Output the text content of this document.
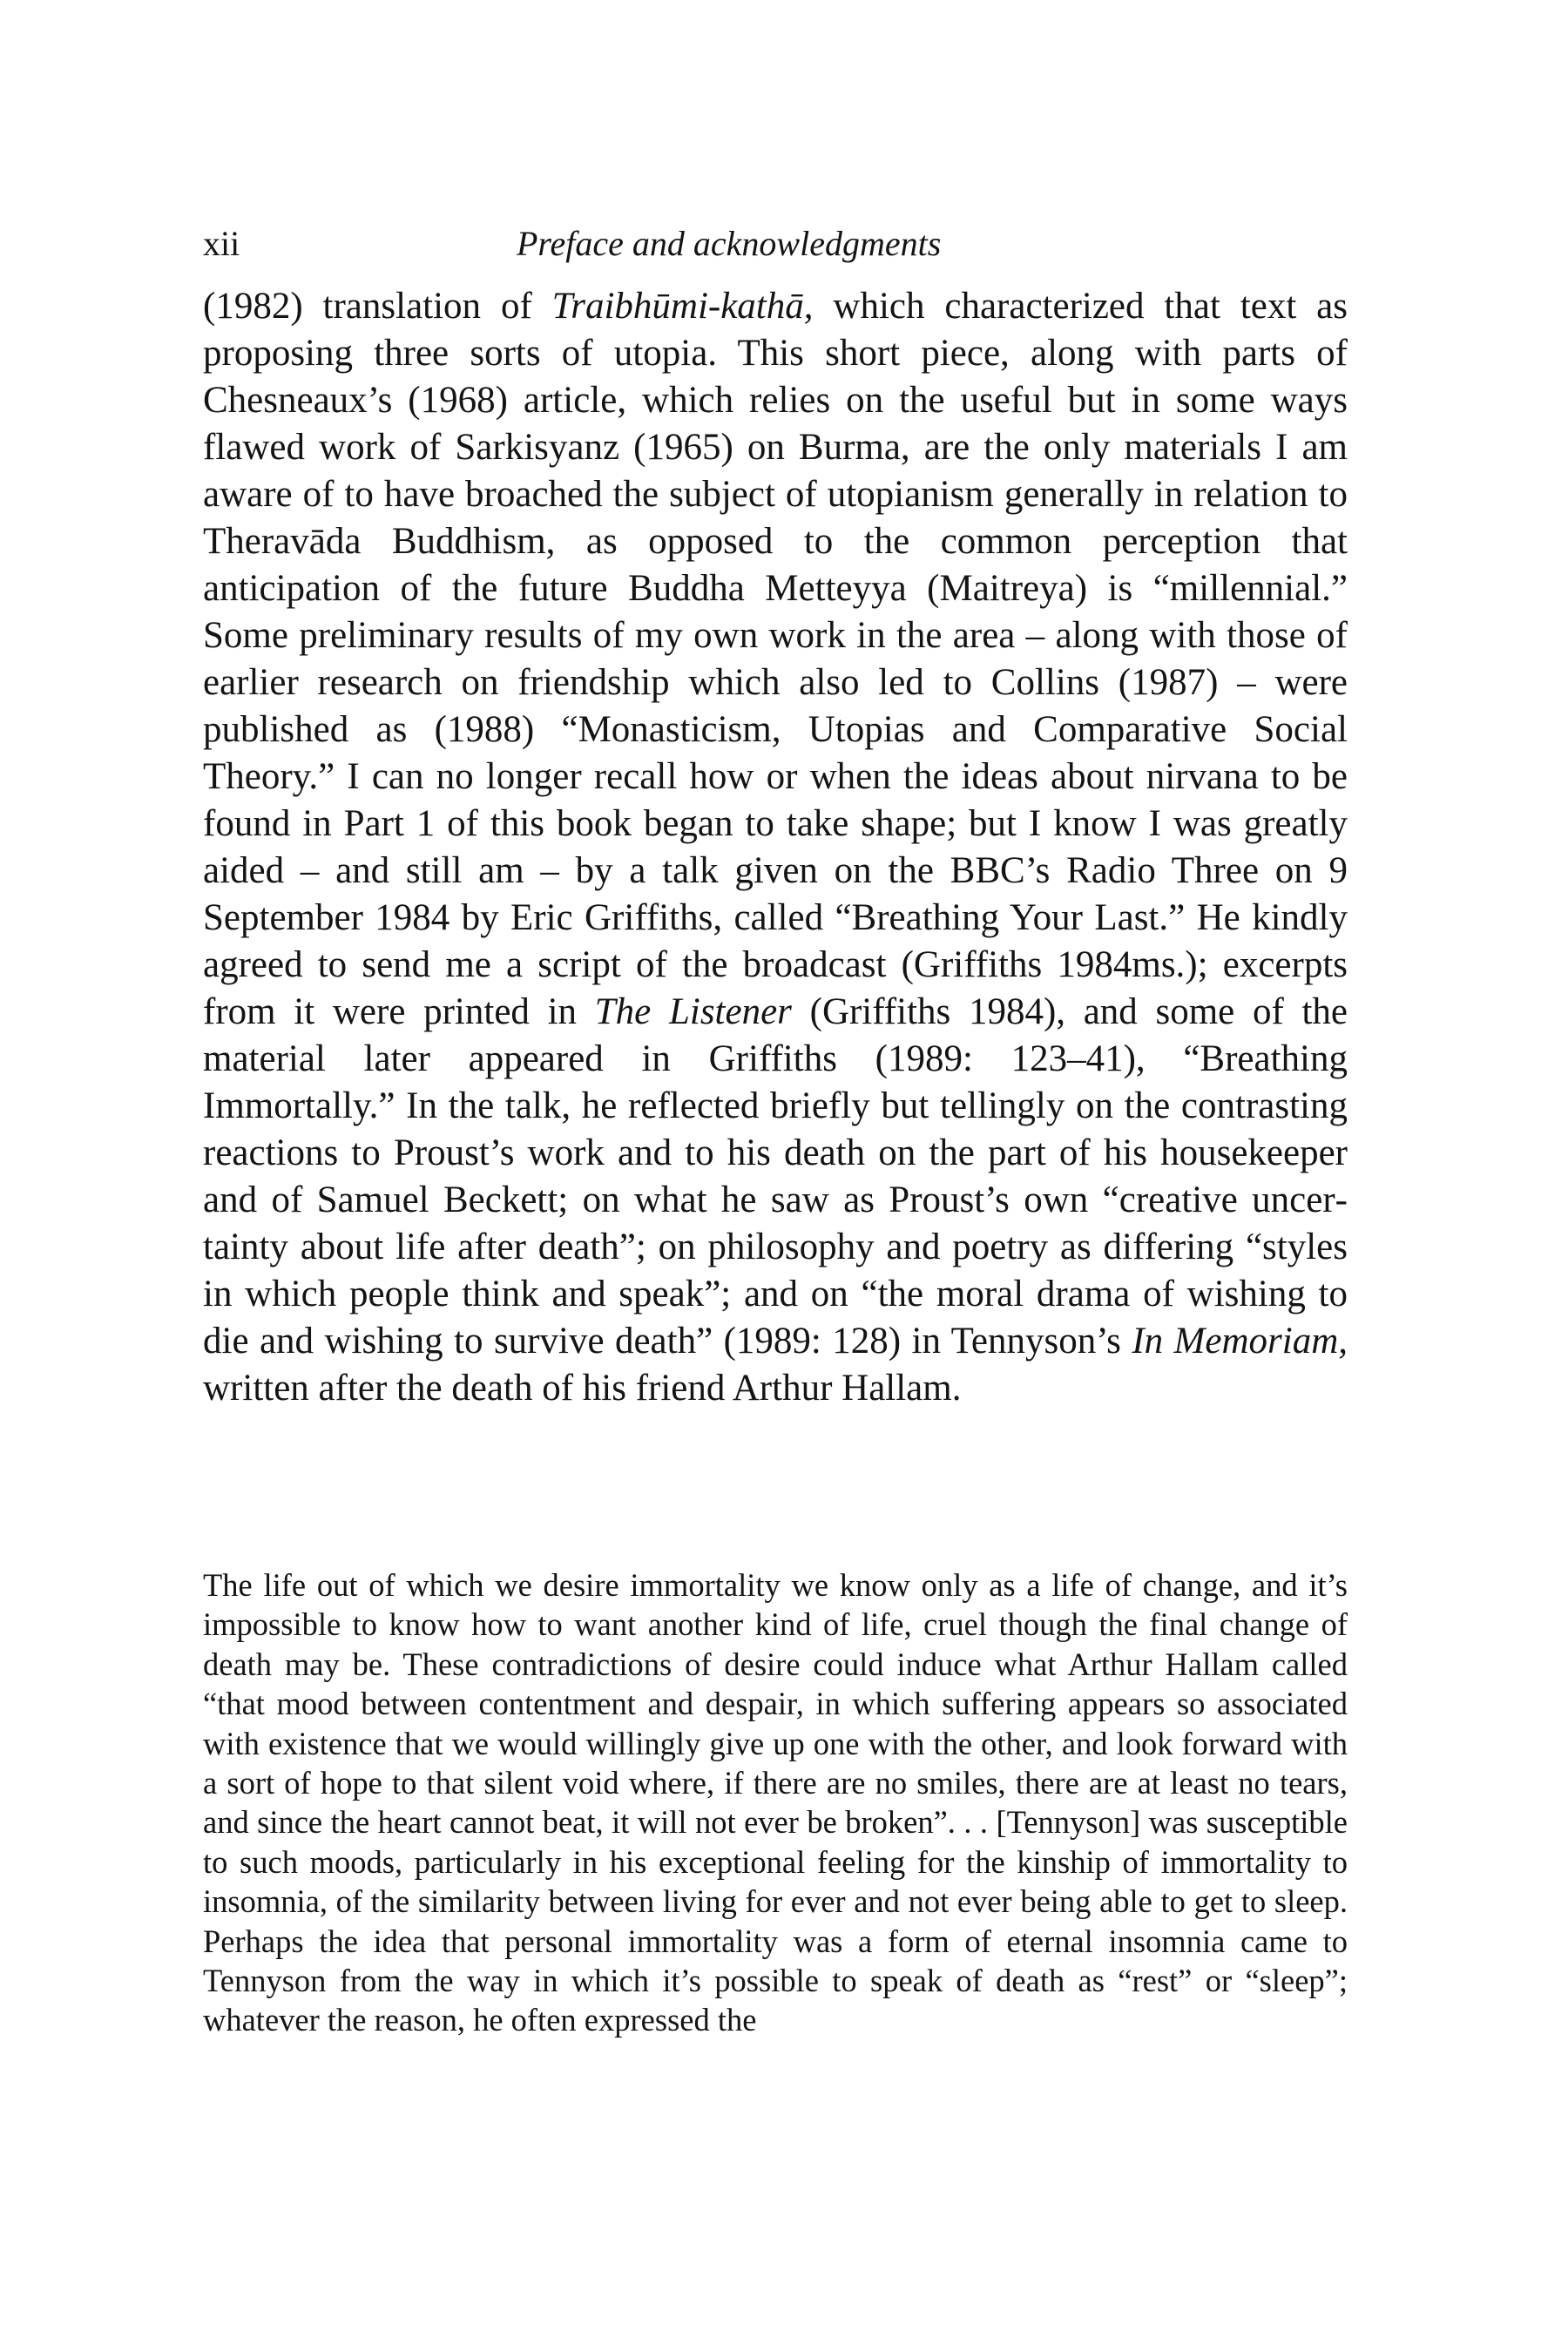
xii	Preface and acknowledgments

(1982) translation of Traibhūmi-kathā, which characterized that text as proposing three sorts of utopia. This short piece, along with parts of Chesneaux’s (1968) article, which relies on the useful but in some ways flawed work of Sarkisyanz (1965) on Burma, are the only materials I am aware of to have broached the subject of utopianism generally in relation to Theravāda Buddhism, as opposed to the common perception that anticipation of the future Buddha Metteyya (Maitreya) is “millennial.” Some preliminary results of my own work in the area – along with those of earlier research on friendship which also led to Collins (1987) – were published as (1988) “Monasticism, Utopias and Comparative Social Theory.” I can no longer recall how or when the ideas about nirvana to be found in Part 1 of this book began to take shape; but I know I was greatly aided – and still am – by a talk given on the BBC’s Radio Three on 9 September 1984 by Eric Griffiths, called “Breathing Your Last.” He kindly agreed to send me a script of the broadcast (Griffiths 1984ms.); excerpts from it were printed in The Listener (Griffiths 1984), and some of the material later appeared in Griffiths (1989: 123–41), “Breathing Immortally.” In the talk, he reflected briefly but tellingly on the contrasting reactions to Proust’s work and to his death on the part of his housekeeper and of Samuel Beckett; on what he saw as Proust’s own “creative uncertainty about life after death”; on philosophy and poetry as differing “styles in which people think and speak”; and on “the moral drama of wishing to die and wishing to survive death” (1989: 128) in Tennyson’s In Memoriam, written after the death of his friend Arthur Hallam.

The life out of which we desire immortality we know only as a life of change, and it’s impossible to know how to want another kind of life, cruel though the final change of death may be. These contradictions of desire could induce what Arthur Hallam called “that mood between contentment and despair, in which suffering appears so associated with existence that we would willingly give up one with the other, and look forward with a sort of hope to that silent void where, if there are no smiles, there are at least no tears, and since the heart cannot beat, it will not ever be broken”. . . [Tennyson] was susceptible to such moods, particularly in his exceptional feeling for the kinship of immortality to insomnia, of the similarity between living for ever and not ever being able to get to sleep. Perhaps the idea that personal immortality was a form of eternal insomnia came to Tennyson from the way in which it’s possible to speak of death as “rest” or “sleep”; whatever the reason, he often expressed the
